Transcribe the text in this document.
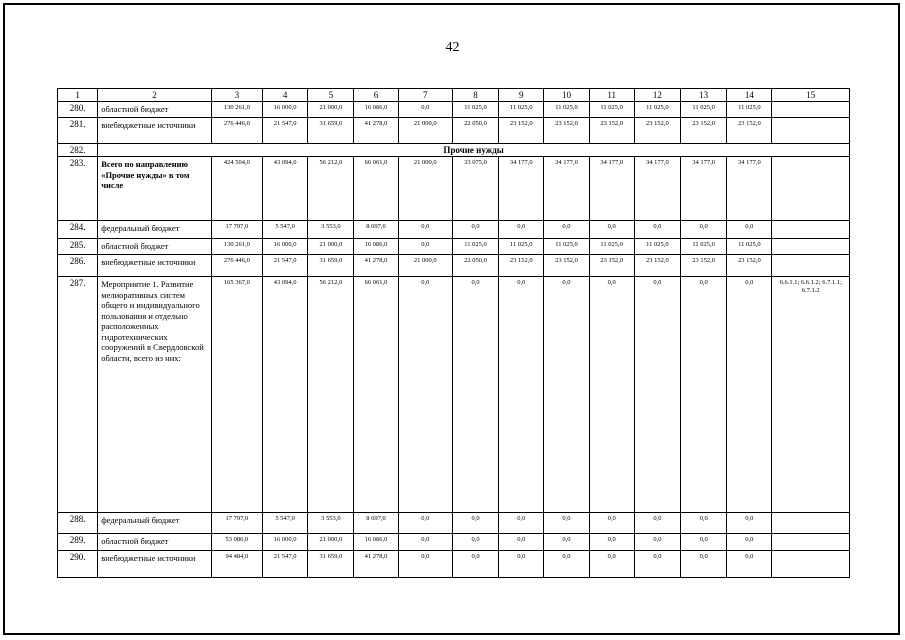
42
1	2	3	4	5	6	7	8	9	10	11	12	13	14	15
280.	областной бюджет	130 261,0	16 000,0	21 000,0	16 086,0	0,0	11 025,0	11 025,0	11 025,0	11 025,0	11 025,0	11 025,0	11 025,0	
281.	внебюджетные источники	276 446,0	21 547,0	31 659,0	41 278,0	21 000,0	22 050,0	23 152,0	23 152,0	23 152,0	23 152,0	23 152,0	23 152,0	
282.	Прочие нужды													
283.	Всего по направлению «Прочие нужды» в том числе	424 504,0	43 094,0	56 212,0	66 061,0	21 000,0	33 075,0	34 177,0	34 177,0	34 177,0	34 177,0	34 177,0	34 177,0	
284.	федеральный бюджет	17 797,0	5 547,0	3 553,0	8 697,0	0,0	0,0	0,0	0,0	0,0	0,0	0,0	0,0	
285.	областной бюджет	130 261,0	16 000,0	21 000,0	16 086,0	0,0	11 025,0	11 025,0	11 025,0	11 025,0	11 025,0	11 025,0	11 025,0	
286.	внебюджетные источники	276 446,0	21 547,0	31 659,0	41 278,0	21 000,0	22 050,0	23 152,0	23 152,0	23 152,0	23 152,0	23 152,0	23 152,0	
287.	Мероприятие 1. Развитие мелиоративных систем общего и индивидуального пользования и отдельно расположенных гидротехнических сооружений в Свердловской области, всего из них:	165 367,0	43 094,0	56 212,0	66 061,0	0,0	0,0	0,0	0,0	0,0	0,0	0,0	0,0	6.6.1.1; 6.6.1.2; 6.7.1.1; 6.7.1.2
288.	федеральный бюджет	17 797,0	5 547,0	3 553,0	8 697,0	0,0	0,0	0,0	0,0	0,0	0,0	0,0	0,0	
289.	областной бюджет	53 086,0	16 000,0	21 000,0	16 086,0	0,0	0,0	0,0	0,0	0,0	0,0	0,0	0,0	
290.	внебюджетные источники	94 484,0	21 547,0	31 659,0	41 278,0	0,0	0,0	0,0	0,0	0,0	0,0	0,0	0,0	
